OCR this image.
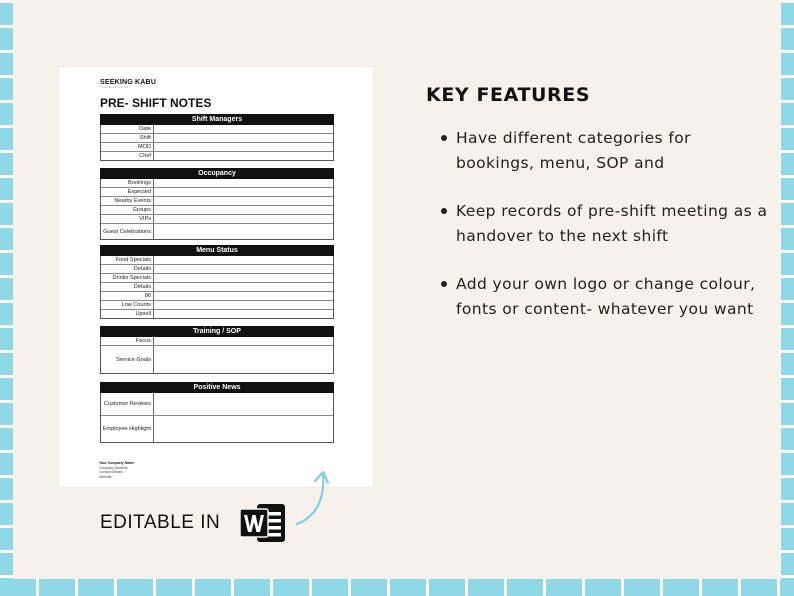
SEEKING KABU
DIGITAL PRODUCTS
PRE- SHIFT NOTES
Shift Managers
Date
Shift
MOD
Chef
Occupancy
Bookings
Expected
Nearby Events
Groups
VIPs
Guest Celebrations
Menu Status
Food Specials
Details
Drinks Specials
Details
86
Low Counts
Upsell
Training / SOP
Focus
Service Goals
Positive News
Customer Reviews
Employee Highlight
Your Company Name
Company Address
Contact Details
Website
EDITABLE IN
KEY FEATURES
Have different categories for bookings, menu, SOP and
Keep records of pre-shift meeting as a handover to the next shift
Add your own logo or change colour, fonts or content- whatever you want
